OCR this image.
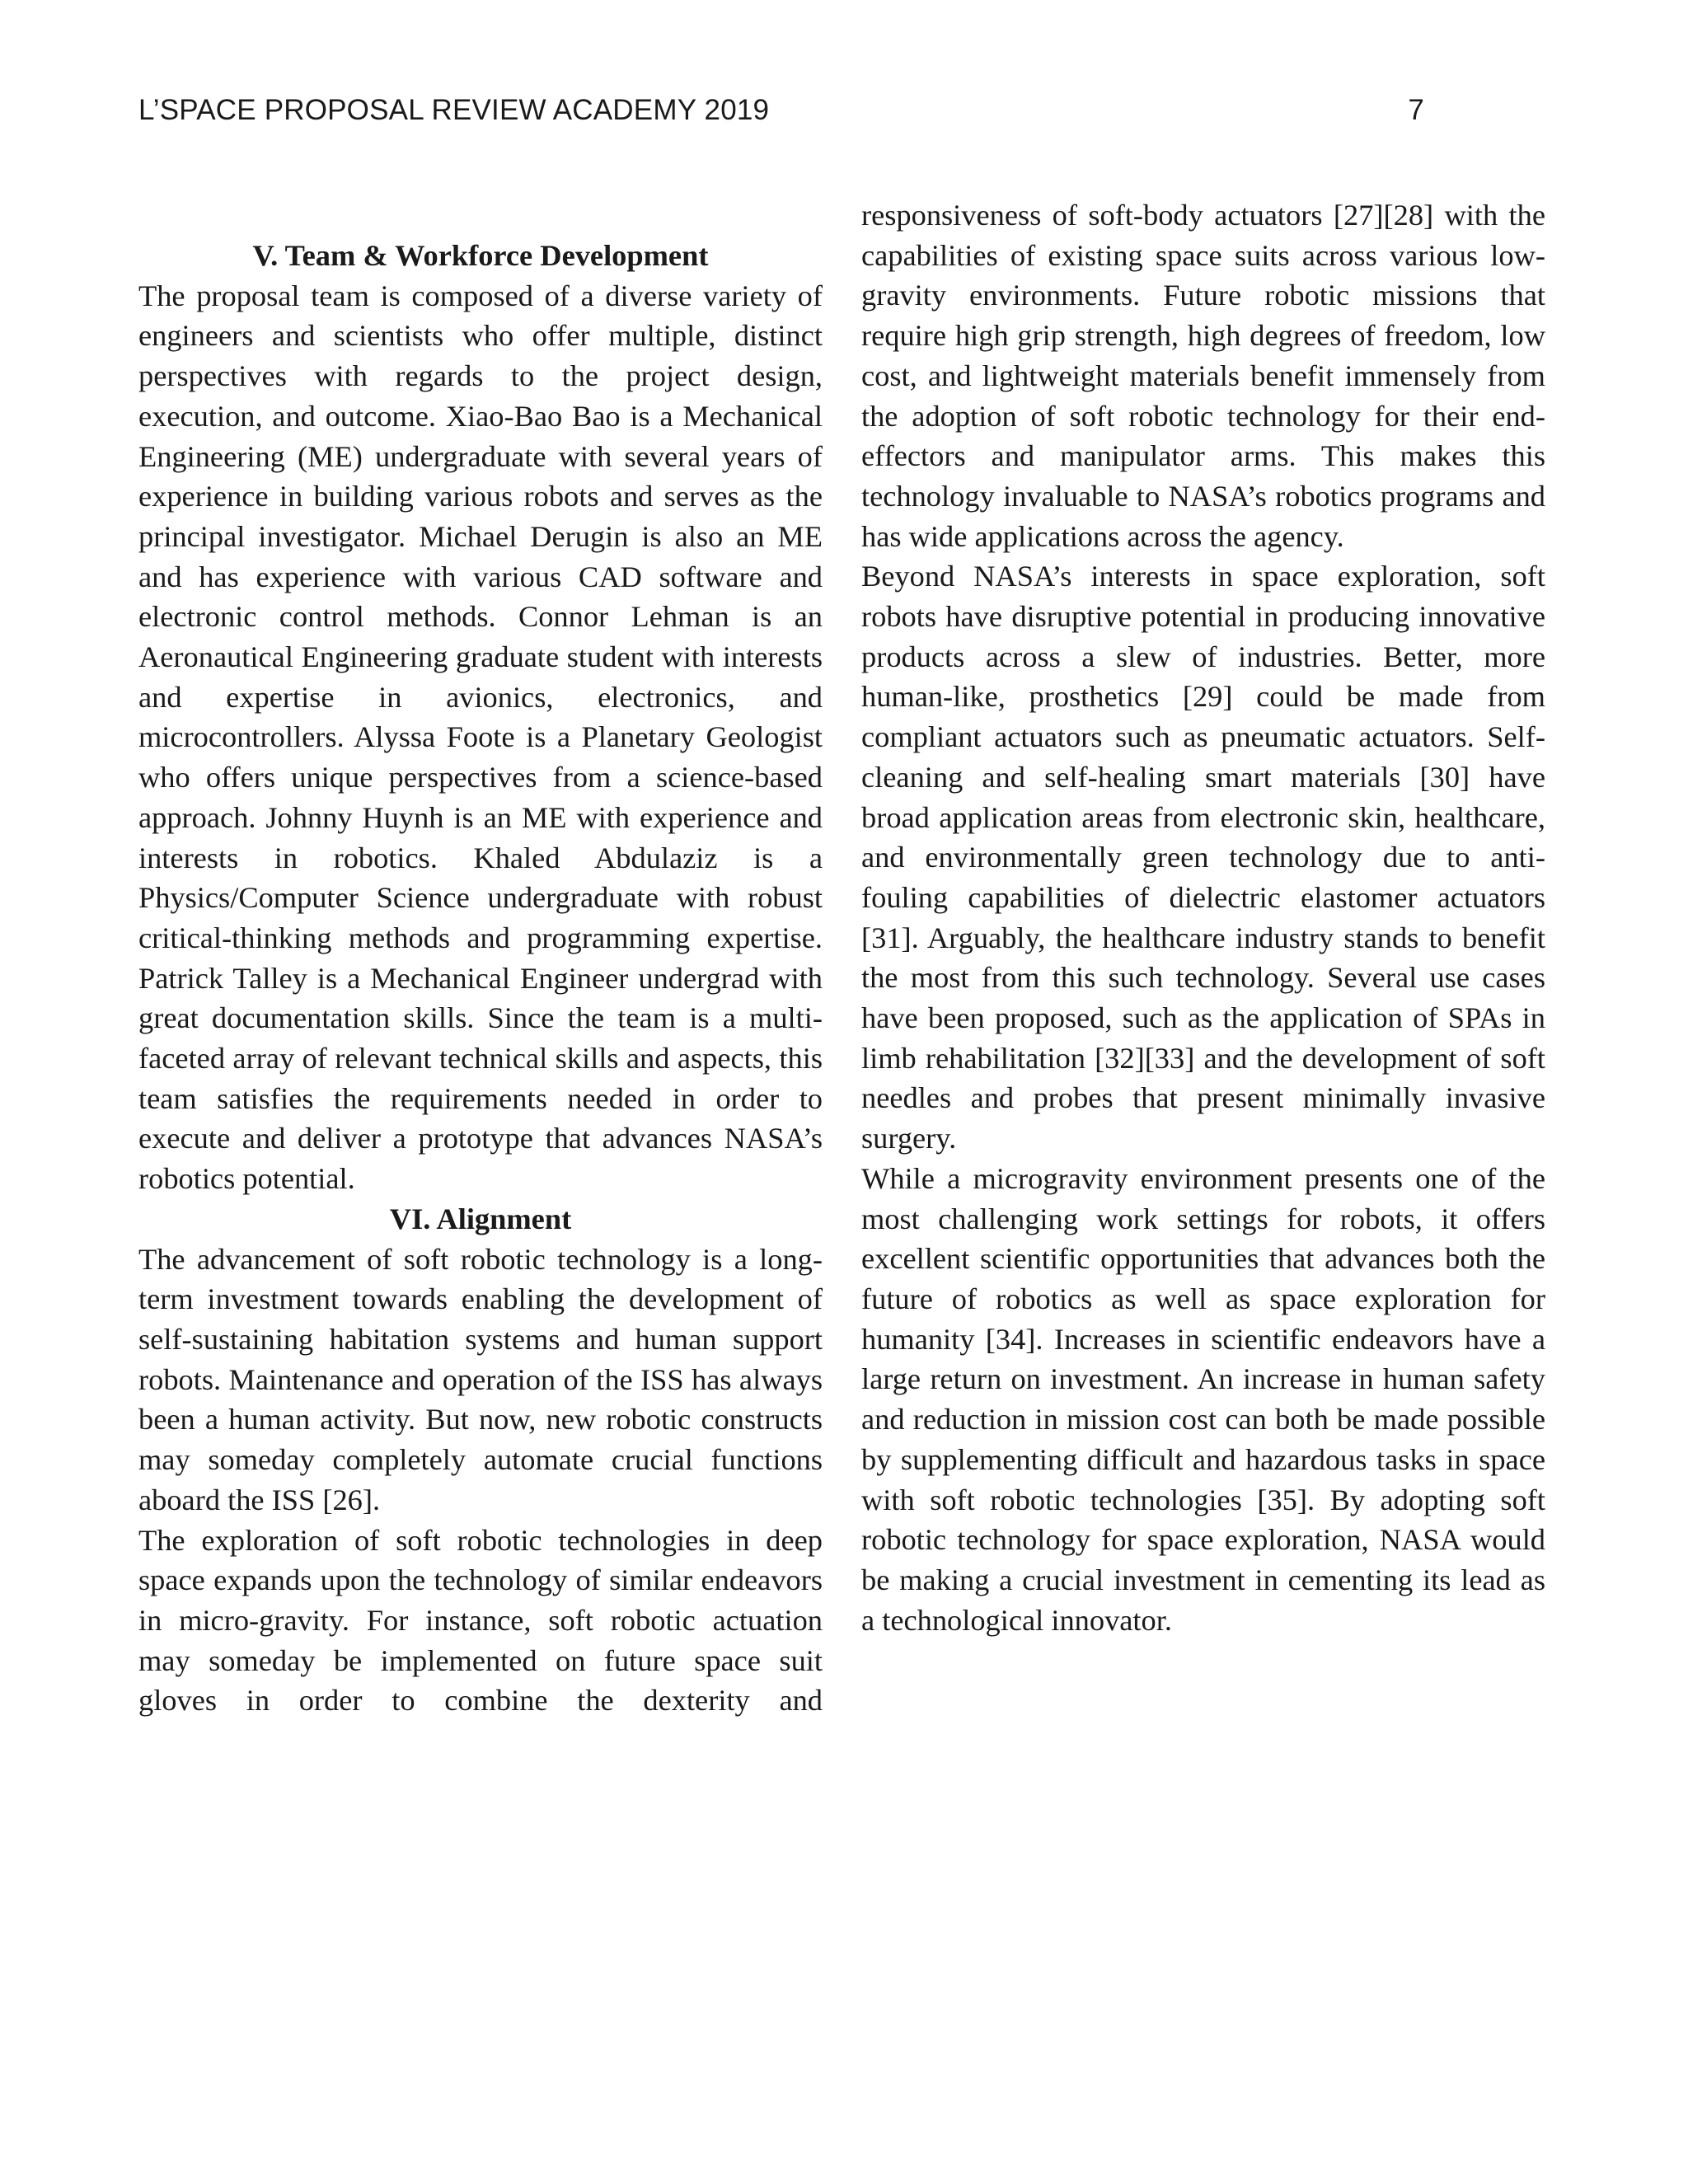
L’SPACE PROPOSAL REVIEW ACADEMY 2019	7
V. Team & Workforce Development

The proposal team is composed of a diverse variety of engineers and scientists who offer multiple, distinct perspectives with regards to the project design, execution, and outcome. Xiao-Bao Bao is a Mechanical Engineering (ME) undergraduate with several years of experience in building various robots and serves as the principal investigator. Michael Derugin is also an ME and has experience with various CAD software and electronic control methods. Connor Lehman is an Aeronautical Engineering graduate student with interests and expertise in avionics, electronics, and microcontrollers. Alyssa Foote is a Planetary Geologist who offers unique perspectives from a science-based approach. Johnny Huynh is an ME with experience and interests in robotics. Khaled Abdulaziz is a Physics/Computer Science undergraduate with robust critical-thinking methods and programming expertise. Patrick Talley is a Mechanical Engineer undergrad with great documentation skills. Since the team is a multi-faceted array of relevant technical skills and aspects, this team satisfies the requirements needed in order to execute and deliver a prototype that advances NASA’s robotics potential.

VI. Alignment

The advancement of soft robotic technology is a long-term investment towards enabling the development of self-sustaining habitation systems and human support robots. Maintenance and operation of the ISS has always been a human activity. But now, new robotic constructs may someday completely automate crucial functions aboard the ISS [26].

The exploration of soft robotic technologies in deep space expands upon the technology of similar endeavors in micro-gravity. For instance, soft robotic actuation may someday be implemented on future space suit gloves in order to combine the dexterity and

responsiveness of soft-body actuators [27][28] with the capabilities of existing space suits across various low-gravity environments. Future robotic missions that require high grip strength, high degrees of freedom, low cost, and lightweight materials benefit immensely from the adoption of soft robotic technology for their end-effectors and manipulator arms. This makes this technology invaluable to NASA’s robotics programs and has wide applications across the agency.

Beyond NASA’s interests in space exploration, soft robots have disruptive potential in producing innovative products across a slew of industries. Better, more human-like, prosthetics [29] could be made from compliant actuators such as pneumatic actuators. Self-cleaning and self-healing smart materials [30] have broad application areas from electronic skin, healthcare, and environmentally green technology due to anti-fouling capabilities of dielectric elastomer actuators [31]. Arguably, the healthcare industry stands to benefit the most from this such technology. Several use cases have been proposed, such as the application of SPAs in limb rehabilitation [32][33] and the development of soft needles and probes that present minimally invasive surgery.

While a microgravity environment presents one of the most challenging work settings for robots, it offers excellent scientific opportunities that advances both the future of robotics as well as space exploration for humanity [34]. Increases in scientific endeavors have a large return on investment. An increase in human safety and reduction in mission cost can both be made possible by supplementing difficult and hazardous tasks in space with soft robotic technologies [35]. By adopting soft robotic technology for space exploration, NASA would be making a crucial investment in cementing its lead as a technological innovator.
